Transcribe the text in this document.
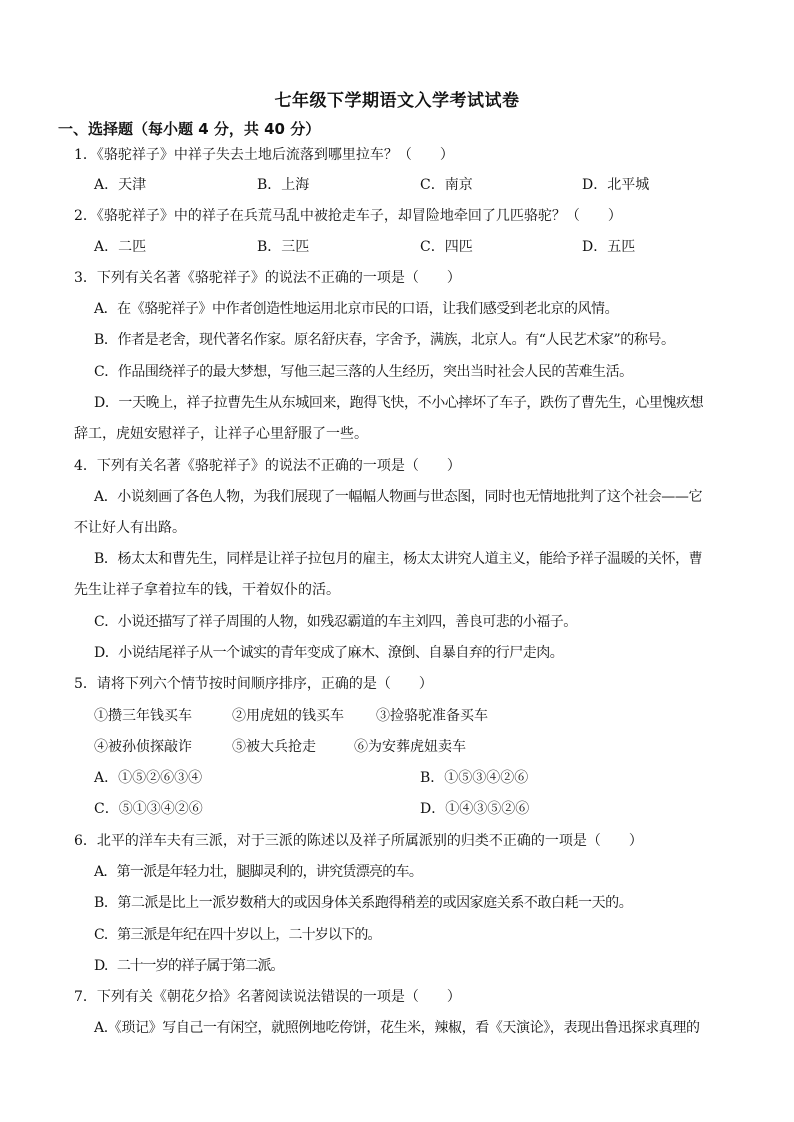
七年级下学期语文入学考试试卷
一、选择题（每小题 4 分，共 40 分）
1．《骆驼祥子》中祥子失去土地后流落到哪里拉车？（　　）
A．天津	B．上海	C．南京	D．北平城
2．《骆驼祥子》中的祥子在兵荒马乱中被抢走车子，却冒险地牵回了几匹骆驼？（　　）
A．二匹	B．三匹	C．四匹	D．五匹
3．下列有关名著《骆驼祥子》的说法不正确的一项是（　　）
A．在《骆驼祥子》中作者创造性地运用北京市民的口语，让我们感受到老北京的风情。
B．作者是老舍，现代著名作家。原名舒庆春，字舍予，满族，北京人。有“人民艺术家”的称号。
C．作品围绕祥子的最大梦想，写他三起三落的人生经历，突出当时社会人民的苦难生活。
D．一天晚上，祥子拉曹先生从东城回来，跑得飞快，不小心摔坏了车子，跌伤了曹先生，心里愧疚想
辞工，虎妞安慰祥子，让祥子心里舒服了一些。
4．下列有关名著《骆驼祥子》的说法不正确的一项是（　　）
A．小说刻画了各色人物，为我们展现了一幅幅人物画与世态图，同时也无情地批判了这个社会——它
不让好人有出路。
B．杨太太和曹先生，同样是让祥子拉包月的雇主，杨太太讲究人道主义，能给予祥子温暖的关怀，曹
先生让祥子拿着拉车的钱，干着奴仆的活。
C．小说还描写了祥子周围的人物，如残忍霸道的车主刘四，善良可悲的小福子。
D．小说结尾祥子从一个诚实的青年变成了麻木、潦倒、自暴自弃的行尸走肉。
5．请将下列六个情节按时间顺序排序，正确的是（　　）
①攒三年钱买车	②用虎妞的钱买车 ③捡骆驼准备买车
④被孙侦探敲诈	⑤被大兵抢走	⑥为安葬虎妞卖车
A．①⑤②⑥③④	B．①⑤③④②⑥
C．⑤①③④②⑥	D．①④③⑤②⑥
6．北平的洋车夫有三派，对于三派的陈述以及祥子所属派别的归类不正确的一项是（　　）
A．第一派是年轻力壮，腿脚灵利的，讲究赁漂亮的车。
B．第二派是比上一派岁数稍大的或因身体关系跑得稍差的或因家庭关系不敢白耗一天的。
C．第三派是年纪在四十岁以上，二十岁以下的。
D．二十一岁的祥子属于第二派。
7．下列有关《朝花夕拾》名著阅读说法错误的一项是（　　）
A.《琐记》写自己一有闲空，就照例地吃侉饼，花生米，辣椒，看《天演论》，表现出鲁迅探求真理的
